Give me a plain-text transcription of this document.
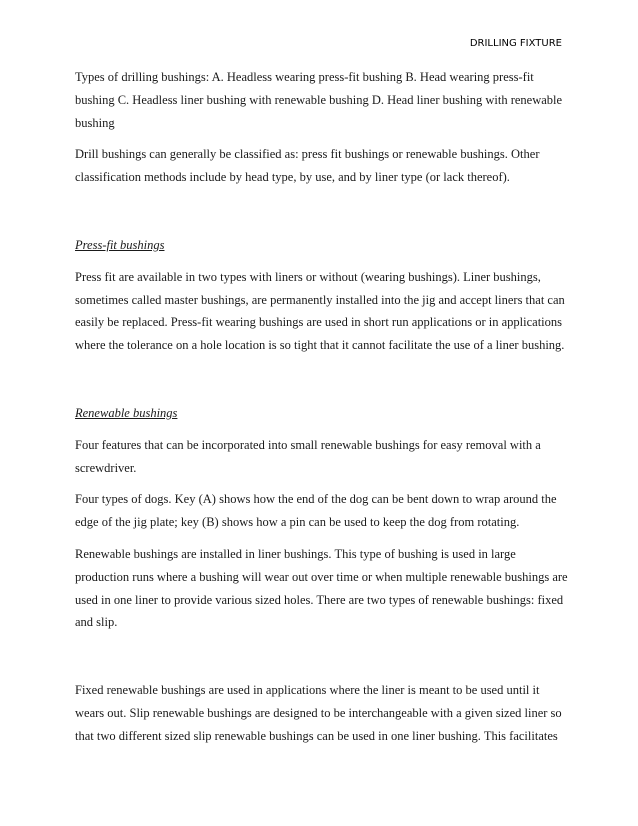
DRILLING FIXTURE

Types of drilling bushings: A. Headless wearing press-fit bushing B. Head wearing press-fit bushing C. Headless liner bushing with renewable bushing D. Head liner bushing with renewable bushing

Drill bushings can generally be classified as: press fit bushings or renewable bushings. Other classification methods include by head type, by use, and by liner type (or lack thereof).

Press-fit bushings

Press fit are available in two types with liners or without (wearing bushings). Liner bushings, sometimes called master bushings, are permanently installed into the jig and accept liners that can easily be replaced. Press-fit wearing bushings are used in short run applications or in applications where the tolerance on a hole location is so tight that it cannot facilitate the use of a liner bushing.

Renewable bushings

Four features that can be incorporated into small renewable bushings for easy removal with a screwdriver.

Four types of dogs. Key (A) shows how the end of the dog can be bent down to wrap around the edge of the jig plate; key (B) shows how a pin can be used to keep the dog from rotating.

Renewable bushings are installed in liner bushings. This type of bushing is used in large production runs where a bushing will wear out over time or when multiple renewable bushings are used in one liner to provide various sized holes. There are two types of renewable bushings: fixed and slip.

Fixed renewable bushings are used in applications where the liner is meant to be used until it wears out. Slip renewable bushings are designed to be interchangeable with a given sized liner so that two different sized slip renewable bushings can be used in one liner bushing. This facilitates
